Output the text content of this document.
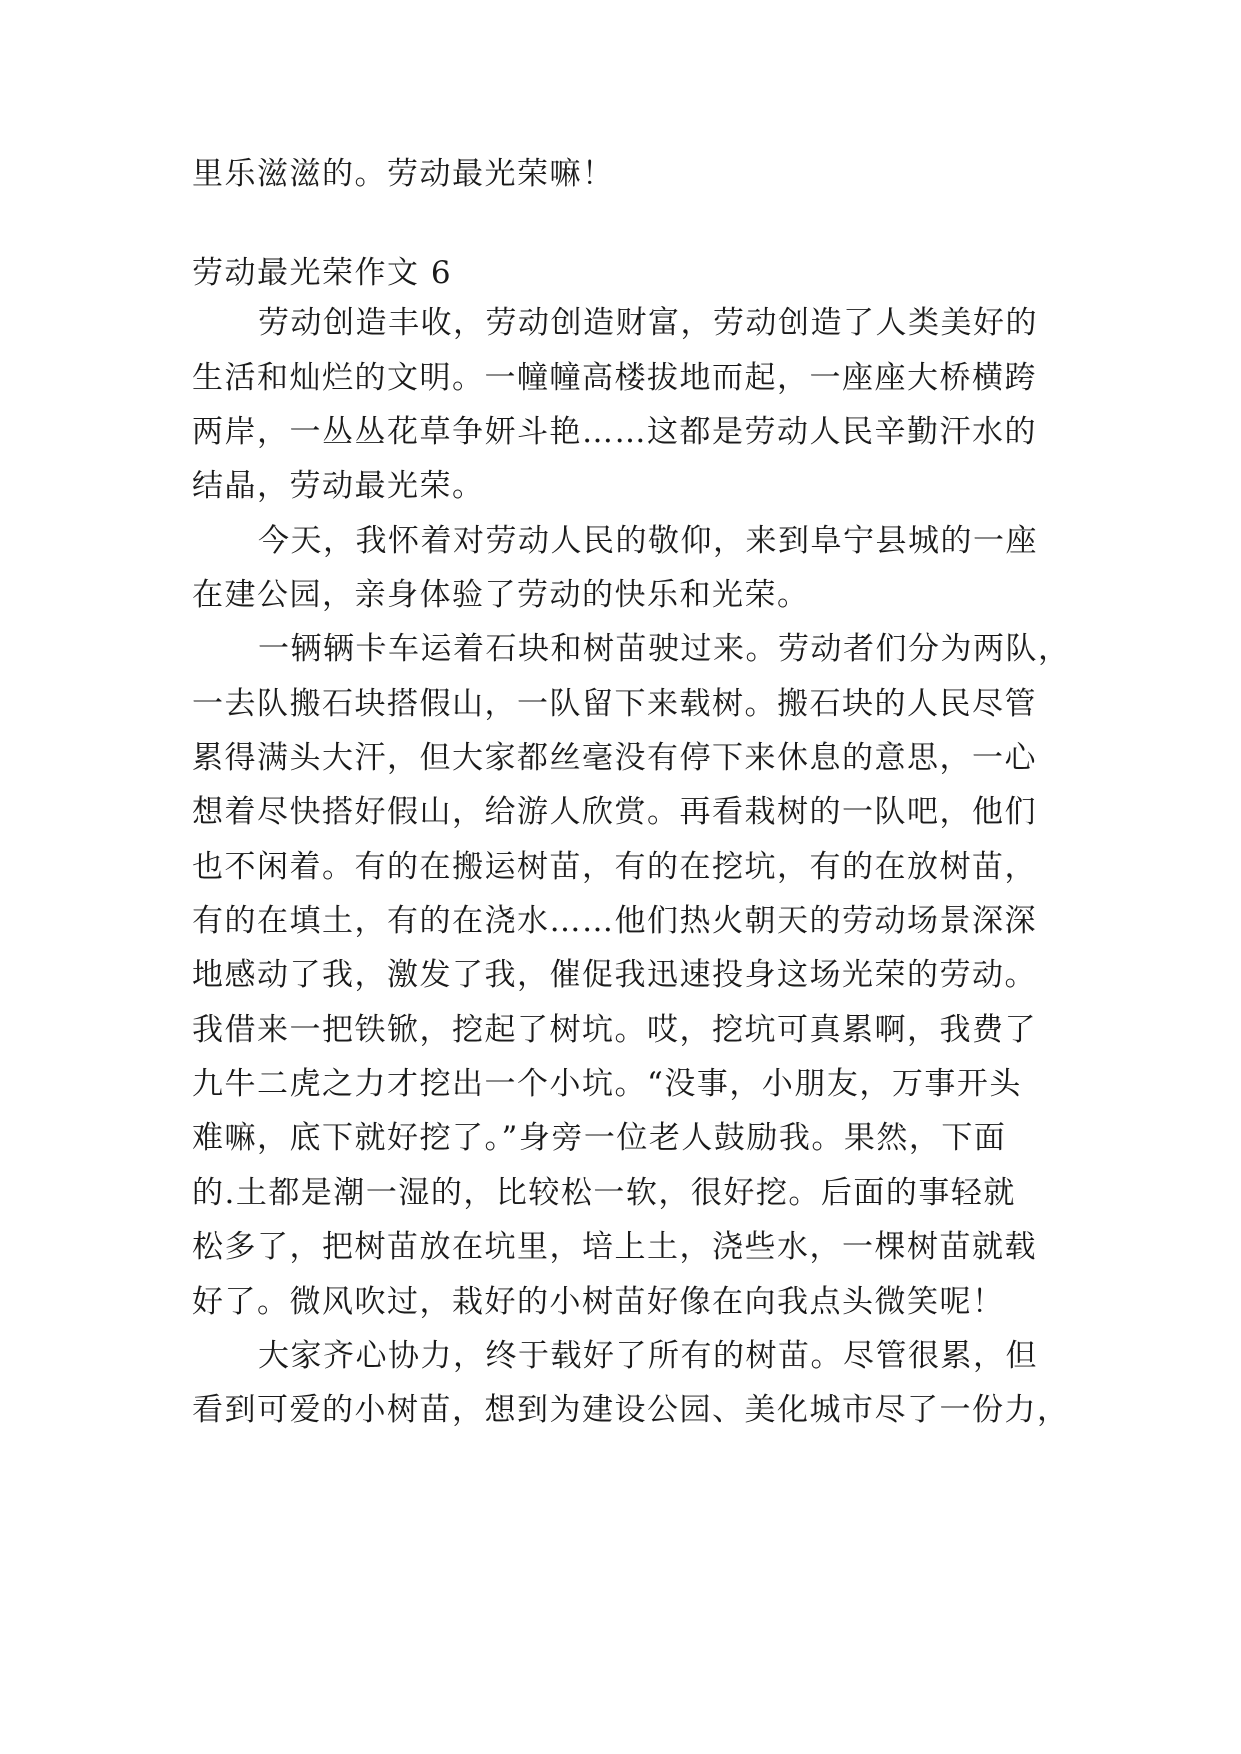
里乐滋滋的。劳动最光荣嘛！
劳动最光荣作文 6
劳动创造丰收，劳动创造财富，劳动创造了人类美好的
生活和灿烂的文明。一幢幢高楼拔地而起，一座座大桥横跨
两岸，一丛丛花草争妍斗艳……这都是劳动人民辛勤汗水的
结晶，劳动最光荣。
今天，我怀着对劳动人民的敬仰，来到阜宁县城的一座
在建公园，亲身体验了劳动的快乐和光荣。
一辆辆卡车运着石块和树苗驶过来。劳动者们分为两队，
一去队搬石块搭假山，一队留下来载树。搬石块的人民尽管
累得满头大汗，但大家都丝毫没有停下来休息的意思，一心
想着尽快搭好假山，给游人欣赏。再看栽树的一队吧，他们
也不闲着。有的在搬运树苗，有的在挖坑，有的在放树苗，
有的在填土，有的在浇水……他们热火朝天的劳动场景深深
地感动了我，激发了我，催促我迅速投身这场光荣的劳动。
我借来一把铁锨，挖起了树坑。哎，挖坑可真累啊，我费了
九牛二虎之力才挖出一个小坑。“没事，小朋友，万事开头
难嘛，底下就好挖了。”身旁一位老人鼓励我。果然，下面
的.土都是潮一湿的，比较松一软，很好挖。后面的事轻就
松多了，把树苗放在坑里，培上土，浇些水，一棵树苗就载
好了。微风吹过，栽好的小树苗好像在向我点头微笑呢！
大家齐心协力，终于载好了所有的树苗。尽管很累，但
看到可爱的小树苗，想到为建设公园、美化城市尽了一份力，
